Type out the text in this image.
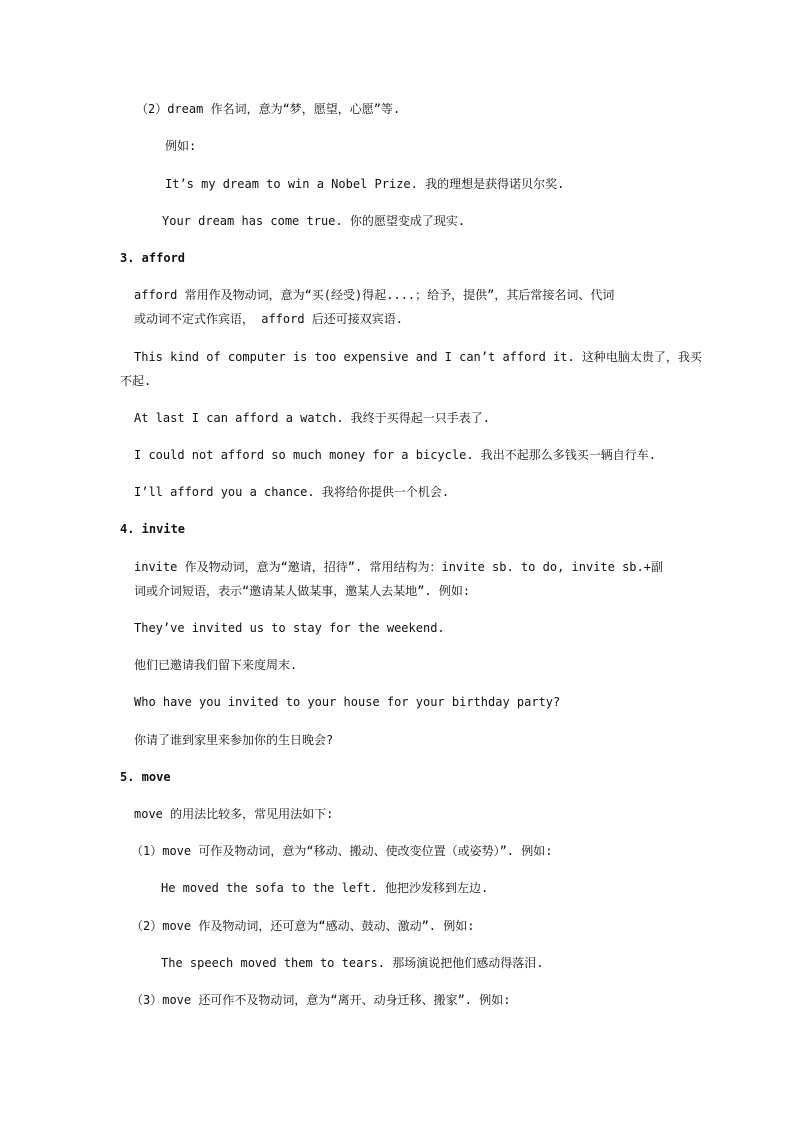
（2）dream 作名词，意为“梦，愿望，心愿”等.
例如:
It’s my dream to win a Nobel Prize. 我的理想是获得诺贝尔奖.
Your dream has come true. 你的愿望变成了现实.
3. afford
afford 常用作及物动词，意为“买(经受)得起....；给予，提供”，其后常接名词、代词
或动词不定式作宾语， afford 后还可接双宾语.
This kind of computer is too expensive and I can’t afford it. 这种电脑太贵了，我买
不起.
At last I can afford a watch. 我终于买得起一只手表了.
I could not afford so much money for a bicycle. 我出不起那么多钱买一辆自行车.
I’ll afford you a chance. 我将给你提供一个机会.
4. invite
invite 作及物动词，意为“邀请，招待”. 常用结构为：invite sb. to do, invite sb.+副
词或介词短语，表示“邀请某人做某事，邀某人去某地”. 例如:
They’ve invited us to stay for the weekend.
他们已邀请我们留下来度周末.
Who have you invited to your house for your birthday party?
你请了谁到家里来参加你的生日晚会?
5. move
move 的用法比较多，常见用法如下:
（1）move 可作及物动词，意为“移动、搬动、使改变位置（或姿势）”. 例如:
He moved the sofa to the left. 他把沙发移到左边.
（2）move 作及物动词，还可意为“感动、鼓动、激动”. 例如:
The speech moved them to tears. 那场演说把他们感动得落泪.
（3）move 还可作不及物动词，意为“离开、动身迁移、搬家”. 例如:
